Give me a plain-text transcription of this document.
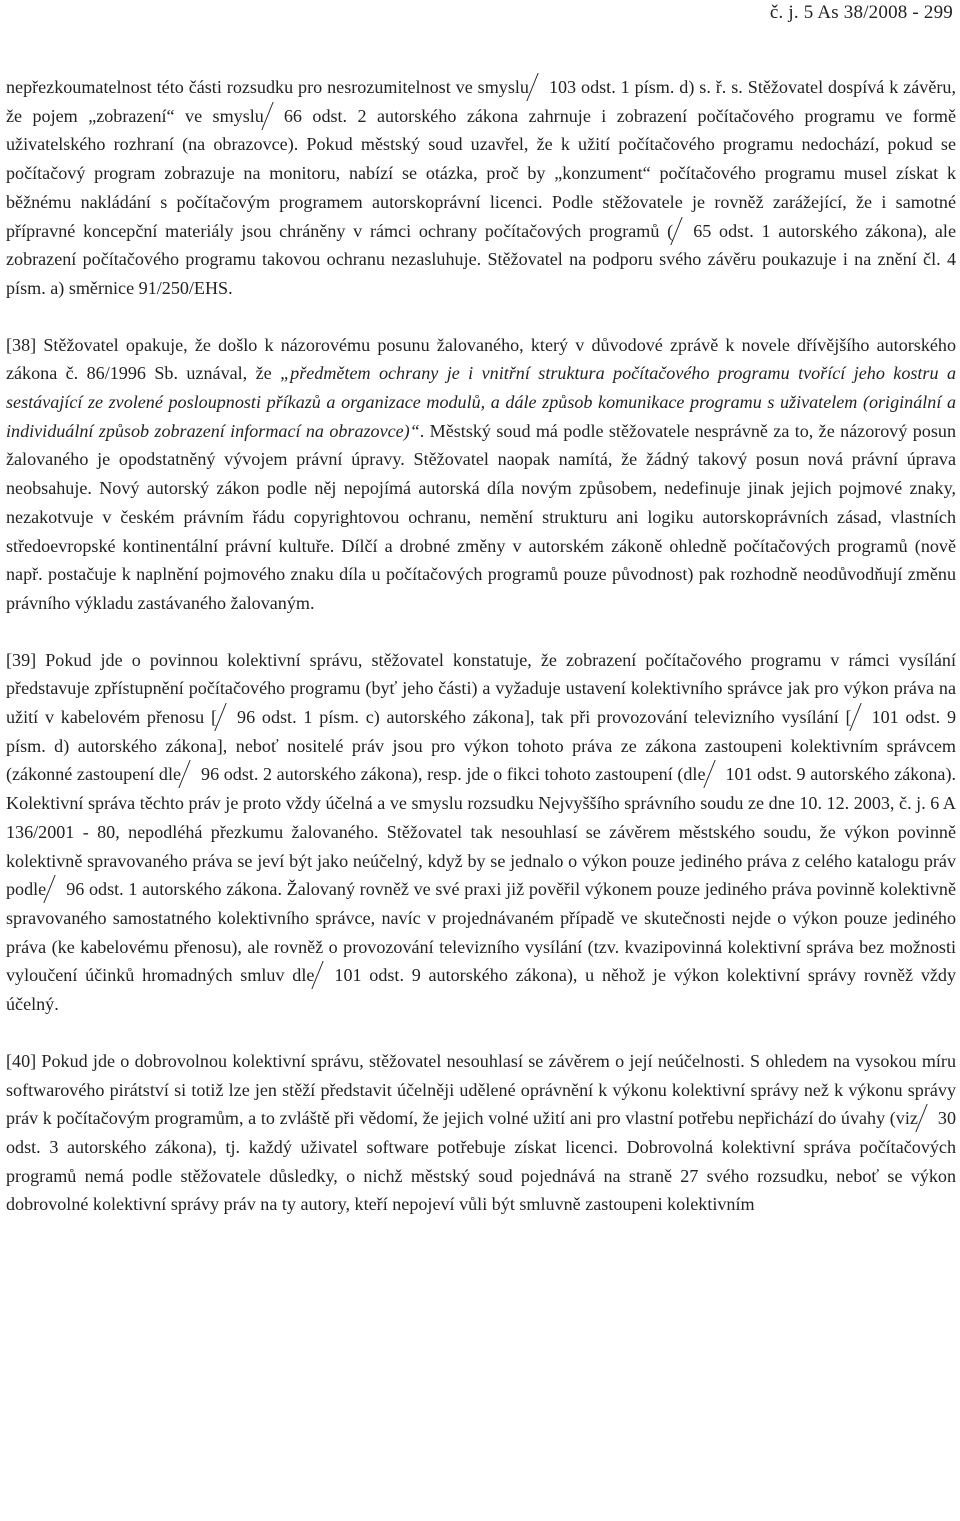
č. j. 5 As 38/2008 - 299

nepřezkoumatelnost této části rozsudku pro nesrozumitelnost ve smyslu 103 odst. 1 písm. d) s. ř. s. Stěžovatel dospívá k závěru, že pojem „zobrazení“ ve smyslu 66 odst. 2 autorského zákona zahrnuje i zobrazení počítačového programu ve formě uživatelského rozhraní (na obrazovce). Pokud městský soud uzavřel, že k užití počítačového programu nedochází, pokud se počítačový program zobrazuje na monitoru, nabízí se otázka, proč by „konzument“ počítačového programu musel získat k běžnému nakládání s počítačovým programem autorskoprávní licenci. Podle stěžovatele je rovněž zarážející, že i samotné přípravné koncepční materiály jsou chráněny v rámci ochrany počítačových programů ( 65 odst. 1 autorského zákona), ale zobrazení počítačového programu takovou ochranu nezasluhuje. Stěžovatel na podporu svého závěru poukazuje i na znění čl. 4 písm. a) směrnice 91/250/EHS.

[38] Stěžovatel opakuje, že došlo k názorovému posunu žalovaného, který v důvodové zprávě k novele dřívějšího autorského zákona č. 86/1996 Sb. uznával, že „předmětem ochrany je i vnitřní struktura počítačového programu tvořící jeho kostru a sestávající ze zvolené posloupnosti příkazů a organizace modulů, a dále způsob komunikace programu s uživatelem (originální a individuální způsob zobrazení informací na obrazovce)“. Městský soud má podle stěžovatele nesprávně za to, že názorový posun žalovaného je opodstatněný vývojem právní úpravy. Stěžovatel naopak namítá, že žádný takový posun nová právní úprava neobsahuje. Nový autorský zákon podle něj nepojímá autorská díla novým způsobem, nedefinuje jinak jejich pojmové znaky, nezakotvuje v českém právním řádu copyrightovou ochranu, nemění strukturu ani logiku autorskoprávních zásad, vlastních středoevropské kontinentální právní kultuře. Dílčí a drobné změny v autorském zákoně ohledně počítačových programů (nově např. postačuje k naplnění pojmového znaku díla u počítačových programů pouze původnost) pak rozhodně neodůvodňují změnu právního výkladu zastávaného žalovaným.

[39] Pokud jde o povinnou kolektivní správu, stěžovatel konstatuje, že zobrazení počítačového programu v rámci vysílání představuje zpřístupnění počítačového programu (byť jeho části) a vyžaduje ustavení kolektivního správce jak pro výkon práva na užití v kabelovém přenosu [ 96 odst. 1 písm. c) autorského zákona], tak při provozování televizního vysílání [ 101 odst. 9 písm. d) autorského zákona], neboť nositelé práv jsou pro výkon tohoto práva ze zákona zastoupeni kolektivním správcem (zákonné zastoupení dle 96 odst. 2 autorského zákona), resp. jde o fikci tohoto zastoupení (dle 101 odst. 9 autorského zákona). Kolektivní správa těchto práv je proto vždy účelná a ve smyslu rozsudku Nejvyššího správního soudu ze dne 10. 12. 2003, č. j. 6 A 136/2001 - 80, nepodléhá přezkumu žalovaného. Stěžovatel tak nesouhlasí se závěrem městského soudu, že výkon povinně kolektivně spravovaného práva se jeví být jako neúčelný, když by se jednalo o výkon pouze jediného práva z celého katalogu práv podle 96 odst. 1 autorského zákona. Žalovaný rovněž ve své praxi již pověřil výkonem pouze jediného práva povinně kolektivně spravovaného samostatného kolektivního správce, navíc v projednávaném případě ve skutečnosti nejde o výkon pouze jediného práva (ke kabelovému přenosu), ale rovněž o provozování televizního vysílání (tzv. kvazipovinná kolektivní správa bez možnosti vyloučení účinků hromadných smluv dle 101 odst. 9 autorského zákona), u něhož je výkon kolektivní správy rovněž vždy účelný.

[40] Pokud jde o dobrovolnou kolektivní správu, stěžovatel nesouhlasí se závěrem o její neúčelnosti. S ohledem na vysokou míru softwarového pirátství si totiž lze jen stěží představit účelněji udělené oprávnění k výkonu kolektivní správy než k výkonu správy práv k počítačovým programům, a to zvláště při vědomí, že jejich volné užití ani pro vlastní potřebu nepřichází do úvahy (viz 30 odst. 3 autorského zákona), tj. každý uživatel software potřebuje získat licenci. Dobrovolná kolektivní správa počítačových programů nemá podle stěžovatele důsledky, o nichž městský soud pojednává na straně 27 svého rozsudku, neboť se výkon dobrovolné kolektivní správy práv na ty autory, kteří nepojeví vůli být smluvně zastoupeni kolektivním
